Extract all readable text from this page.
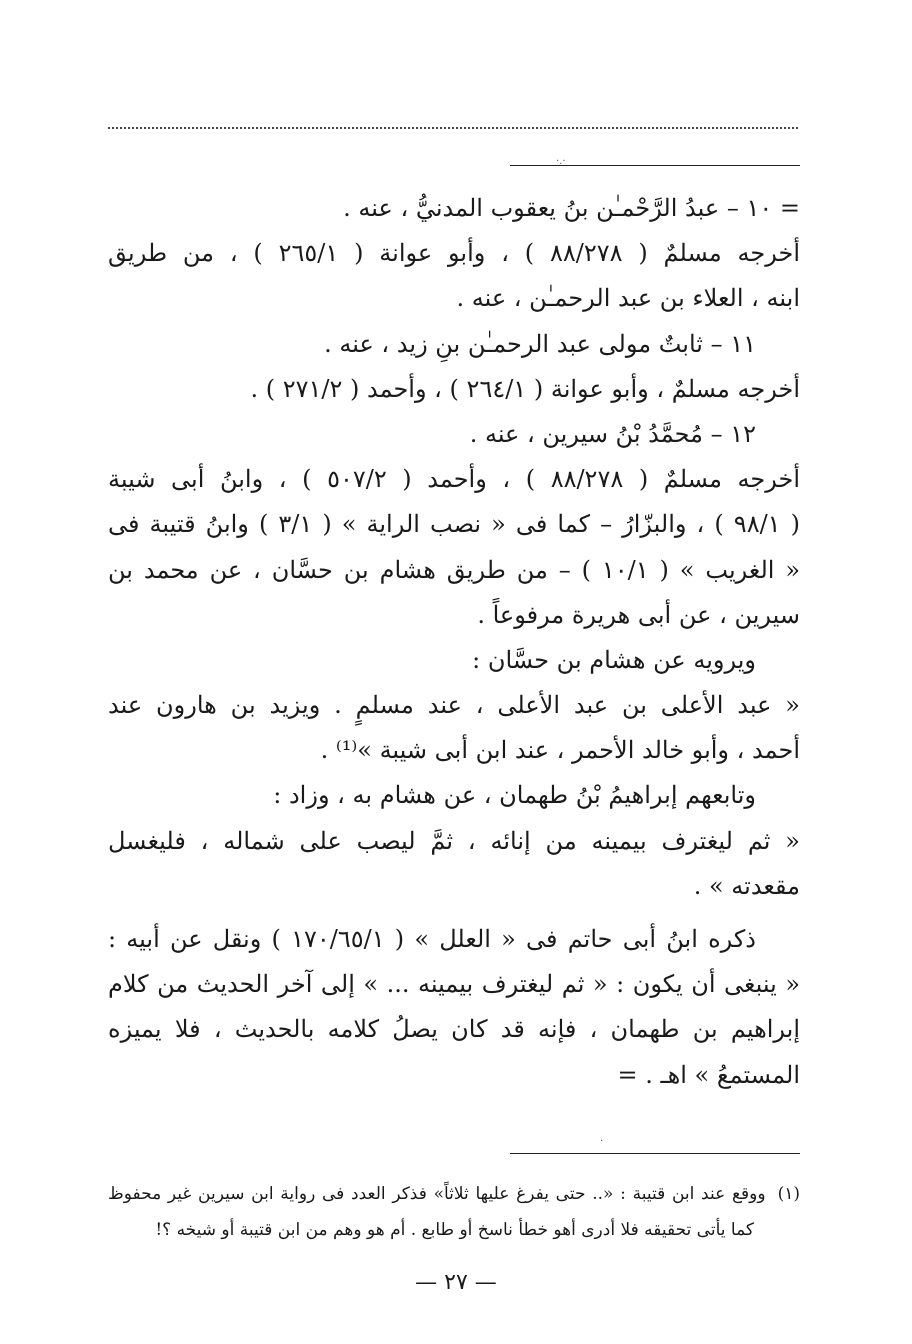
·.·
= ١٠ – عبدُ الرَّحْمـٰن بنُ يعقوب المدنيُّ ، عنه .
أخرجه مسلمٌ ( ٨٨/٢٧٨ ) ، وأبو عوانة ( ٢٦٥/١ ) ، من طريق
ابنه ، العلاء بن عبد الرحمـٰن ، عنه .
١١ – ثابتٌ مولى عبد الرحمـٰن بنِ زيد ، عنه .
أخرجه مسلمٌ ، وأبو عوانة ( ٢٦٤/١ ) ، وأحمد ( ٢٧١/٢ ) .
١٢ – مُحمَّدُ بْنُ سيرين ، عنه .
أخرجه مسلمٌ ( ٨٨/٢٧٨ ) ، وأحمد ( ٥٠٧/٢ ) ، وابنُ أبى شيبة
( ٩٨/١ ) ، والبزّارُ – كما فى « نصب الراية » ( ٣/١ ) وابنُ قتيبة فى
« الغريب » ( ١٠/١ ) – من طريق هشام بن حسَّان ، عن محمد بن
سيرين ، عن أبى هريرة مرفوعاً .
ويرويه عن هشام بن حسَّان :
« عبد الأعلى بن عبد الأعلى ، عند مسلمٍ . ويزيد بن هارون عند
أحمد ، وأبو خالد الأحمر ، عند ابن أبى شيبة »⁽¹⁾ .
وتابعهم إبراهيمُ بْنُ طهمان ، عن هشام به ، وزاد :
« ثم ليغترف بيمينه من إنائه ، ثمَّ ليصب على شماله ، فليغسل
مقعدته » .
ذكره ابنُ أبى حاتم فى « العلل » ( ١٧٠/٦٥/١ ) ونقل عن أبيه :
« ينبغى أن يكون : « ثم ليغترف بيمينه ... » إلى آخر الحديث من كلام
إبراهيم بن طهمان ، فإنه قد كان يصلُ كلامه بالحديث ، فلا يميزه
المستمعُ » اهـ . =
·
(١)ووقع عند ابن قتيبة : «.. حتى يفرغ عليها ثلاثاً» فذكر العدد فى رواية ابن سيرين غير محفوظ
كما يأتى تحقيقه فلا أدرى أهو خطأ ناسخ أو طابع . أم هو وهم من ابن قتيبة أو شيخه ؟!
— ٢٧ —
